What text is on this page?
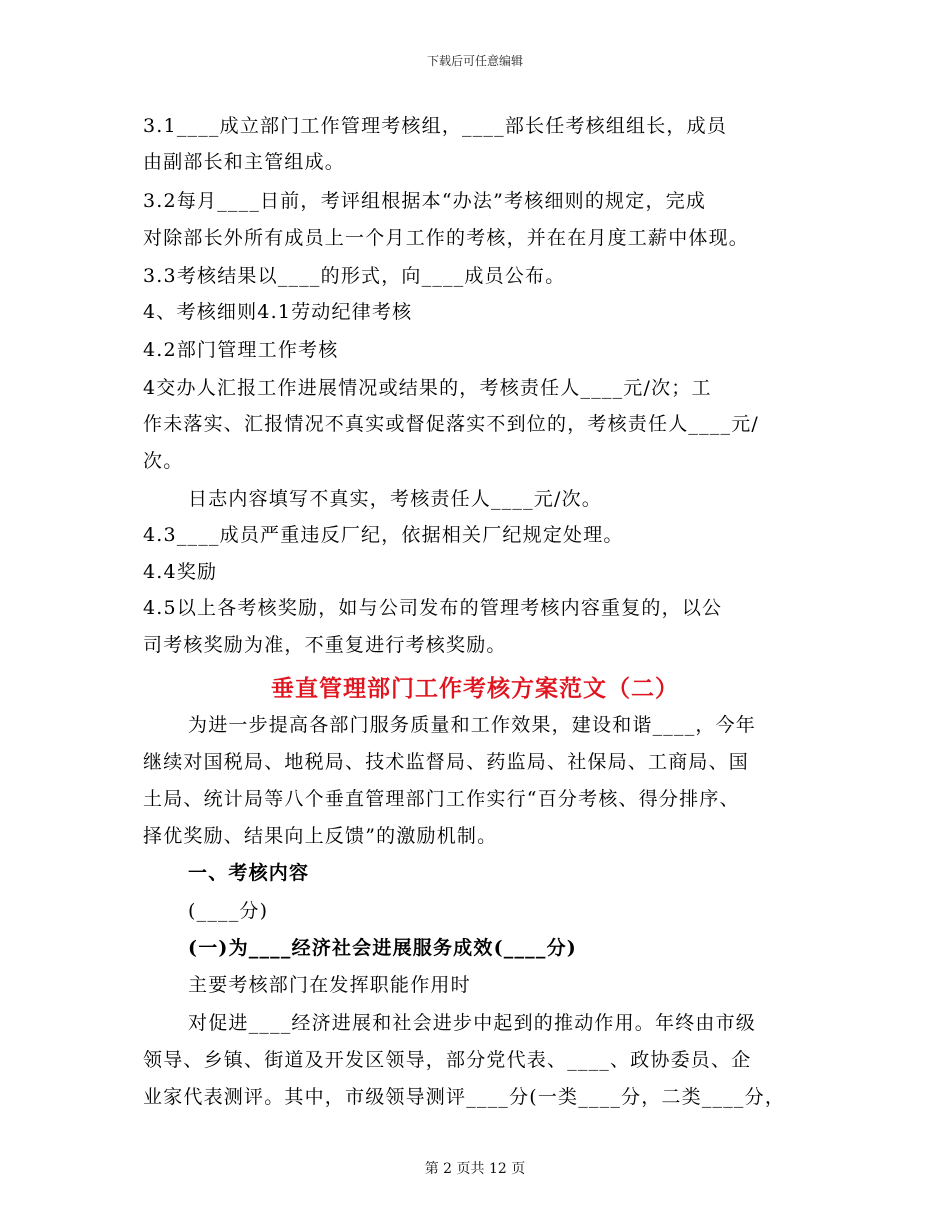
下载后可任意编辑
3.1____成立部门工作管理考核组，____部长任考核组组长，成员
由副部长和主管组成。
3.2每月____日前，考评组根据本“办法”考核细则的规定，完成
对除部长外所有成员上一个月工作的考核，并在在月度工薪中体现。
3.3考核结果以____的形式，向____成员公布。
4、考核细则4.1劳动纪律考核
4.2部门管理工作考核
4交办人汇报工作进展情况或结果的，考核责任人____元/次；工
作未落实、汇报情况不真实或督促落实不到位的，考核责任人____元/
次。
日志内容填写不真实，考核责任人____元/次。
4.3____成员严重违反厂纪，依据相关厂纪规定处理。
4.4奖励
4.5以上各考核奖励，如与公司发布的管理考核内容重复的，以公
司考核奖励为准，不重复进行考核奖励。
垂直管理部门工作考核方案范文（二）
为进一步提高各部门服务质量和工作效果，建设和谐____，今年
继续对国税局、地税局、技术监督局、药监局、社保局、工商局、国
土局、统计局等八个垂直管理部门工作实行“百分考核、得分排序、
择优奖励、结果向上反馈”的激励机制。
一、考核内容
(____分)
(一)为____经济社会进展服务成效(____分)
主要考核部门在发挥职能作用时
对促进____经济进展和社会进步中起到的推动作用。年终由市级
领导、乡镇、街道及开发区领导，部分党代表、____、政协委员、企
业家代表测评。其中，市级领导测评____分(一类____分，二类____分，
第 2 页共 12 页
